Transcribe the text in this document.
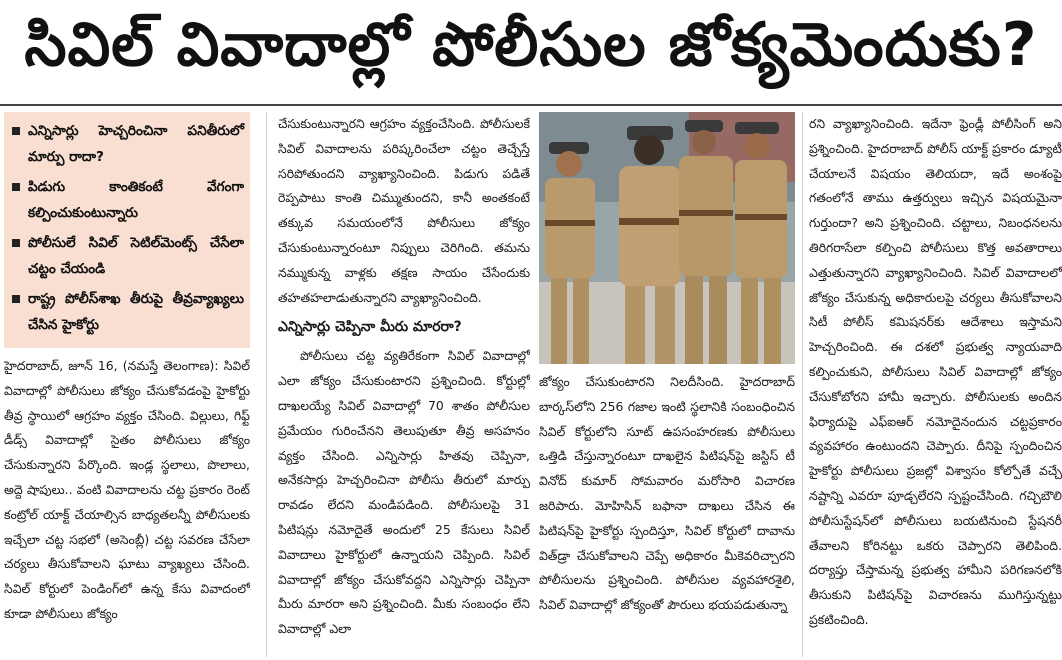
సివిల్ వివాదాల్లో పోలీసుల జోక్యమెందుకు?
ఎన్నిసార్లు హెచ్చరించినా పనితీరులో మార్పు రాదా?
పిడుగు కాంతికంటే వేగంగా కల్పించుకుంటున్నారు
పోలీసులే సివిల్ సెటిల్‌మెంట్స్ చేసేలా చట్టం చేయండి
రాష్ట్ర పోలీస్‌శాఖ తీరుపై తీవ్రవ్యాఖ్యలు చేసిన హైకోర్టు

హైదరాబాద్, జూన్ 16, (నమస్తే తెలంగాణ): సివిల్ వివాదాల్లో పోలీసులు జోక్యం చేసుకోవడంపై హైకోర్టు తీవ్ర స్థాయిలో ఆగ్రహం వ్యక్తం చేసింది. విల్లులు, గిఫ్ట్ డీడ్స్ వివాదాల్లో సైతం పోలీసులు జోక్యం చేసుకున్నారని పేర్కొంది. ఇండ్ల స్థలాలు, పొలాలు, అద్దె షాపులు.. వంటి వివాదాలను చట్ట ప్రకారం రెంట్ కంట్రోల్ యాక్ట్ చేయాల్సిన బాధ్యతలన్నీ పోలీసులకు ఇచ్చేలా చట్ట సభలో (అసెంబ్లీ) చట్ట సవరణ చేసేలా చర్యలు తీసుకోవాలని ఘాటు వ్యాఖ్యలు చేసింది. సివిల్ కోర్టులో పెండింగ్‌లో ఉన్న కేసు వివాదంలో కూడా పోలీసులు జోక్యం

చేసుకుంటున్నారని ఆగ్రహం వ్యక్తంచేసింది. పోలీసులకే సివిల్ వివాదాలను పరిష్కరించేలా చట్టం తెచ్చేస్తే సరిపోతుందని వ్యాఖ్యానించింది. పిడుగు పడితే రెప్పపాటు కాంతి చిమ్ముతుందని, కానీ అంతకంటే తక్కువ సమయంలోనే పోలీసులు జోక్యం చేసుకుంటున్నారంటూ నిప్పులు చెరిగింది. తమను నమ్ముకున్న వాళ్లకు తక్షణ సాయం చేసేందుకు తహతహలాడుతున్నారని వ్యాఖ్యానించింది.

ఎన్నిసార్లు చెప్పినా మీరు మారరా?

పోలీసులు చట్ట వ్యతిరేకంగా సివిల్ వివాదాల్లో ఎలా జోక్యం చేసుకుంటారని ప్రశ్నించింది. కోర్టుల్లో దాఖలయ్యే సివిల్ వివాదాల్లో 70 శాతం పోలీసుల ప్రమేయం గురించేనని తెలుపుతూ తీవ్ర అసహనం వ్యక్తం చేసింది. ఎన్నిసార్లు హితవు చెప్పినా, అనేకసార్లు హెచ్చరించినా పోలీసు తీరులో మార్పు రావడం లేదని మండిపడింది. పోలీసులపై 31 పిటిషన్లు నమోదైతే అందులో 25 కేసులు సివిల్ వివాదాలు హైకోర్టులో ఉన్నాయని చెప్పింది. సివిల్ వివాదాల్లో జోక్యం చేసుకోవద్దని ఎన్నిసార్లు చెప్పినా మీరు మారరా అని ప్రశ్నించింది. మీకు సంబంధం లేని వివాదాల్లో ఎలా

జోక్యం చేసుకుంటారని నిలదీసింది. హైదరాబాద్ బార్కస్‌లోని 256 గజాల ఇంటి స్థలానికి సంబంధించిన సివిల్ కోర్టులోని సూట్ ఉపసంహరణకు పోలీసులు ఒత్తిడి చేస్తున్నారంటూ దాఖలైన పిటిషన్‌పై జస్టిస్ టీ వినోద్ కుమార్ సోమవారం మరోసారి విచారణ జరిపారు. మోహిసిన్ బఫానా దాఖలు చేసిన ఈ పిటిషన్‌పై హైకోర్టు స్పందిస్తూ, సివిల్ కోర్టులో దావాను విత్‌డ్రా చేసుకోవాలని చెప్పే అధికారం మీకెవరిచ్చారని పోలీసులను ప్రశ్నించింది. పోలీసుల వ్యవహారశైలి, సివిల్ వివాదాల్లో జోక్యంతో పౌరులు భయపడుతున్నా

రని వ్యాఖ్యానించింది. ఇదేనా ఫ్రెండ్లీ పోలీసింగ్ అని ప్రశ్నించింది. హైదరాబాద్ పోలీస్ యాక్ట్ ప్రకారం డ్యూటీ చేయాలనే విషయం తెలియదా, ఇదే అంశంపై గతంలోనే తాము ఉత్తర్వులు ఇచ్చిన విషయమైనా గుర్తుందా? అని ప్రశ్నించింది. చట్టాలు, నిబంధనలను తిరిగరాసేలా కల్పించి పోలీసులు కొత్త అవతారాలు ఎత్తుతున్నారని వ్యాఖ్యానించింది. సివిల్ వివాదాలలో జోక్యం చేసుకున్న అధికారులపై చర్యలు తీసుకోవాలని సిటీ పోలీస్ కమిషనర్‌కు ఆదేశాలు ఇస్తామని హెచ్చరించింది. ఈ దశలో ప్రభుత్వ న్యాయవాది కల్పించుకుని, పోలీసులు సివిల్ వివాదాల్లో జోక్యం చేసుకోబోరని హామీ ఇచ్చారు. పోలీసులకు అందిన ఫిర్యాదుపై ఎఫ్ఐఆర్ నమోదైనందున చట్టప్రకారం వ్యవహారం ఉంటుందని చెప్పారు. దీనిపై స్పందించిన హైకోర్టు పోలీసులు ప్రజల్లో విశ్వాసం కోల్పోతే వచ్చే నష్టాన్ని ఎవరూ పూడ్చలేరని స్పష్టంచేసింది. గచ్చిబౌలి పోలీసుస్టేషన్‌లో పోలీసులు బయటినుంచి స్టేషనరీ తేవాలని కోరినట్టు ఒకరు చెప్పారని తెలిపింది. దర్యాప్తు చేస్తామన్న ప్రభుత్వ హామీని పరిగణనలోకి తీసుకుని పిటిషన్‌పై విచారణను ముగిస్తున్నట్టు ప్రకటించింది.
